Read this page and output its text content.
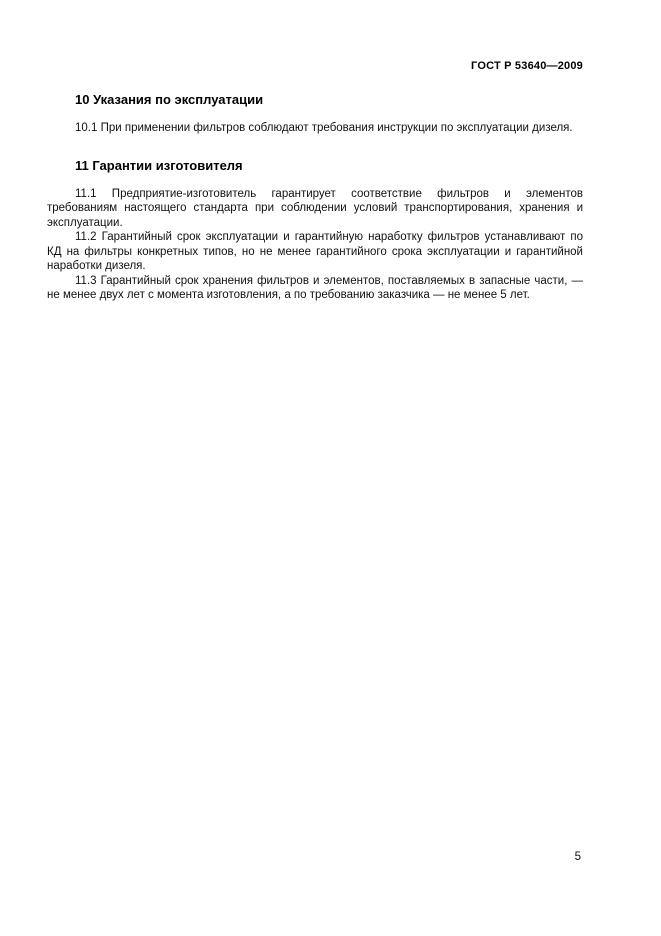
ГОСТ Р 53640—2009
10 Указания по эксплуатации

10.1 При применении фильтров соблюдают требования инструкции по эксплуатации дизеля.

11 Гарантии изготовителя

11.1 Предприятие-изготовитель гарантирует соответствие фильтров и элементов требованиям настоящего стандарта при соблюдении условий транспортирования, хранения и эксплуатации.

11.2 Гарантийный срок эксплуатации и гарантийную наработку фильтров устанавливают по КД на фильтры конкретных типов, но не менее гарантийного срока эксплуатации и гарантийной наработки дизеля.

11.3 Гарантийный срок хранения фильтров и элементов, поставляемых в запасные части, — не менее двух лет с момента изготовления, а по требованию заказчика — не менее 5 лет.

5
